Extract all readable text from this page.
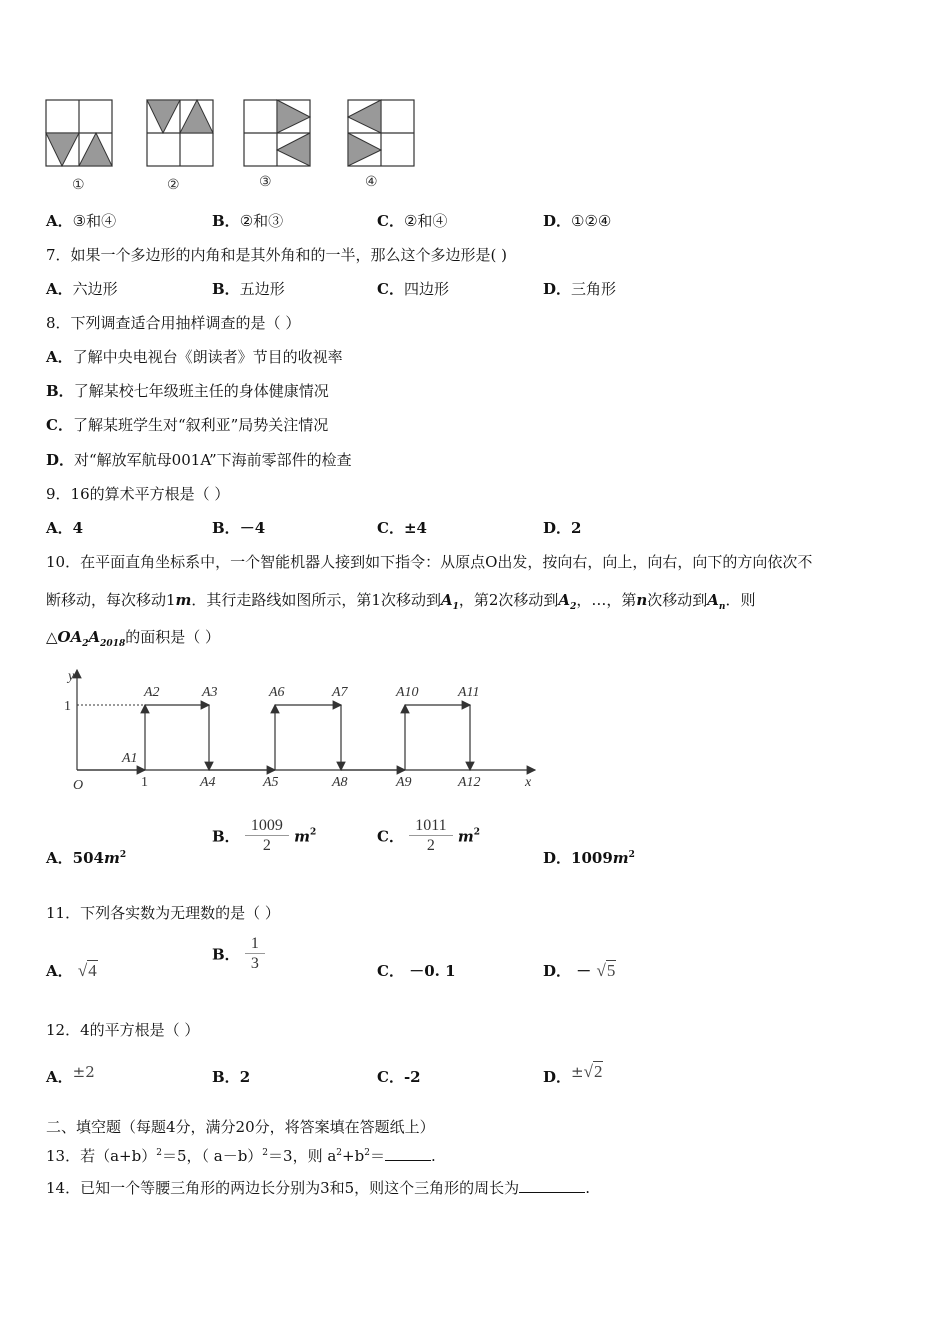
①	②	③	④
A．③和④	B．②和③	C．②和④	D．①②④
7．如果一个多边形的内角和是其外角和的一半，那么这个多边形是( )
A．六边形	B．五边形	C．四边形	D．三角形
8．下列调查适合用抽样调查的是（ ）
A．了解中央电视台《朗读者》节目的收视率
B．了解某校七年级班主任的身体健康情况
C．了解某班学生对“叙利亚”局势关注情况
D．对“解放军航母001A”下海前零部件的检查
9．16的算术平方根是（ ）
A．4	B．－4	C．±4	D．2
10．在平面直角坐标系中，一个智能机器人接到如下指令：从原点O出发，按向右，向上，向右，向下的方向依次不
断移动，每次移动1m．其行走路线如图所示，第1次移动到$A_1$，第2次移动到$A_2$，…，第n次移动到$A_n$．则
$\triangle OA_2A_{2018}$的面积是（ ）
y
x
O
1
1
A1
A2	A3
A4	A5
A6	A7
A8	A9
A10	A11
A12
A．$504m^2$
B． $\frac{1009}{2} m^2$	C． $\frac{1011}{2} m^2$
D．$1009m^2$
11．下列各实数为无理数的是（ ）
A． √4
B． $\frac{1}{3}$	C． －0. 1	D． － √5
12．4的平方根是（ ）
A．±2	B．2	C．-2	D．±√2
二、填空题（每题4分，满分20分，将答案填在答题纸上）
13．若$(a+b)^2=5$，（ a－b）$^2$＝3，则 $a^2+b^2=$	.
14．已知一个等腰三角形的两边长分别为3和5，则这个三角形的周长为	.
